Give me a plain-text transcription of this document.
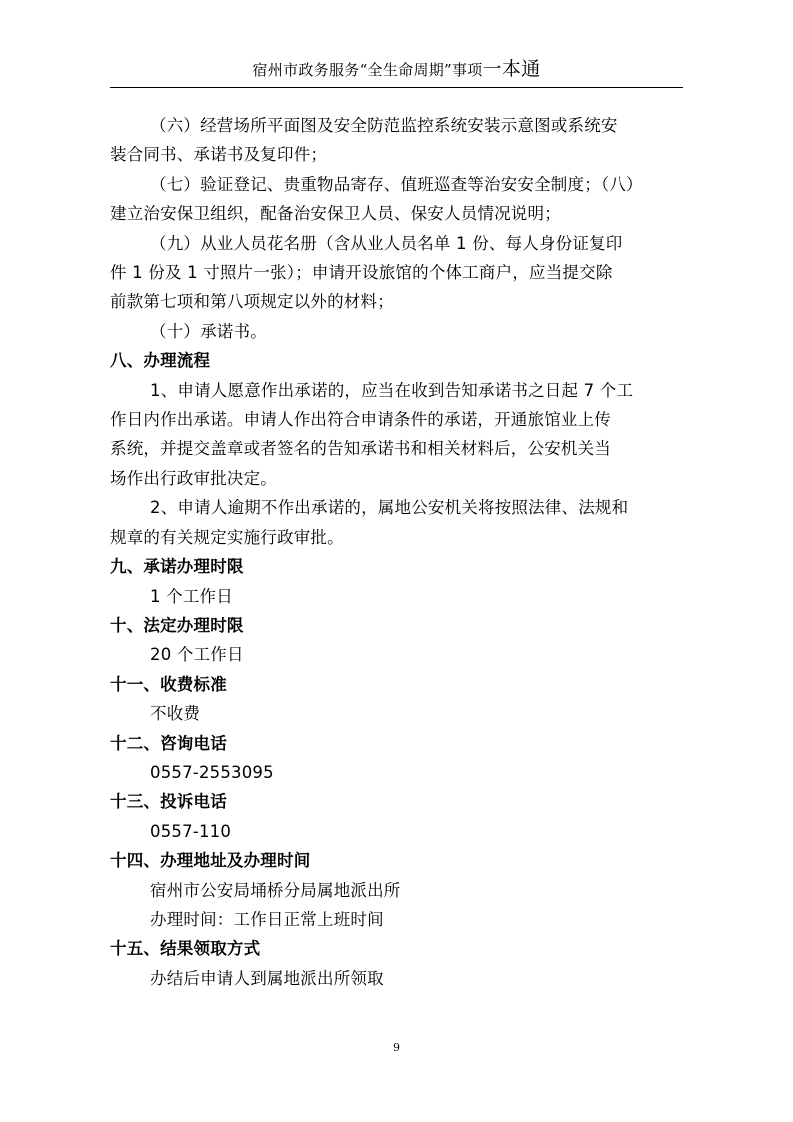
宿州市政务服务“全生命周期”事项一本通
（六）经营场所平面图及安全防范监控系统安装示意图或系统安
装合同书、承诺书及复印件；
（七）验证登记、贵重物品寄存、值班巡查等治安安全制度；（八）
建立治安保卫组织，配备治安保卫人员、保安人员情况说明；
（九）从业人员花名册（含从业人员名单 1 份、每人身份证复印
件 1 份及 1 寸照片一张）；申请开设旅馆的个体工商户，应当提交除
前款第七项和第八项规定以外的材料；
（十）承诺书。
八、办理流程
1、申请人愿意作出承诺的，应当在收到告知承诺书之日起 7 个工
作日内作出承诺。申请人作出符合申请条件的承诺，开通旅馆业上传
系统，并提交盖章或者签名的告知承诺书和相关材料后，公安机关当
场作出行政审批决定。
2、申请人逾期不作出承诺的，属地公安机关将按照法律、法规和
规章的有关规定实施行政审批。
九、承诺办理时限
1 个工作日
十、法定办理时限
20 个工作日
十一、收费标准
不收费
十二、咨询电话
0557-2553095
十三、投诉电话
0557-110
十四、办理地址及办理时间
宿州市公安局埇桥分局属地派出所
办理时间：工作日正常上班时间
十五、结果领取方式
办结后申请人到属地派出所领取
9
